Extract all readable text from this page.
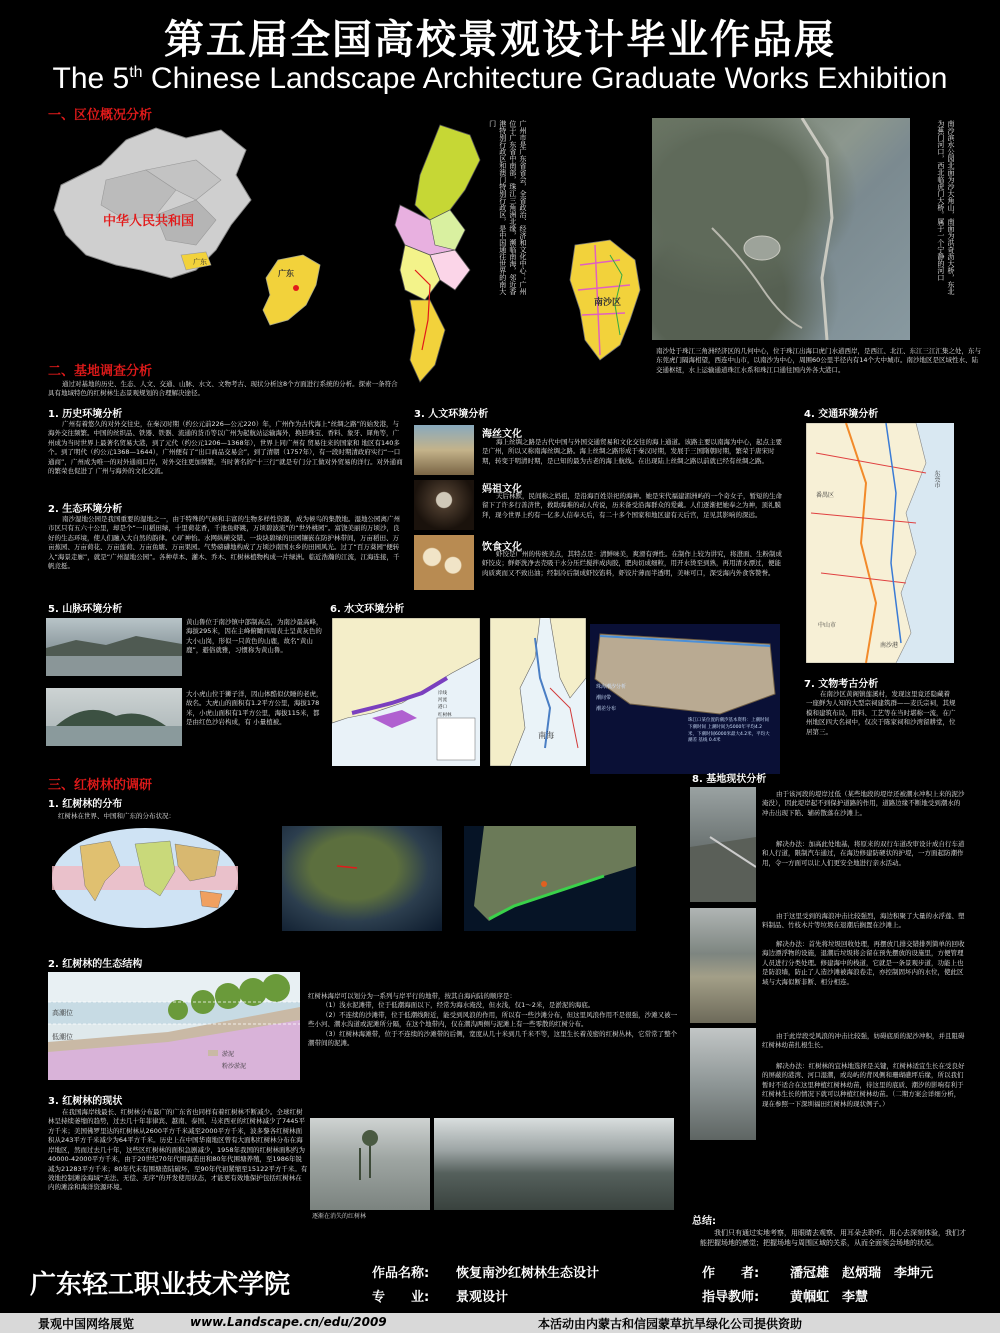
第五届全国高校景观设计毕业作品展
The 5th Chinese Landscape Architecture Graduate Works Exhibition
一、区位概况分析
中华人民共和国
广东
广东	广州市是广东省省会，全省政治、经济和文化中心；广州位于广东省中南部，珠江三角洲北缘，濒临南海，邻近香港特别行政区和澳门特别行政区，是中国通往世界的南大门
南沙区
南沙滨水公园北面为沙大角山，南面为洪奇沥大桥，东北为蕉门河口，西北临虎门大桥。属于一个宁静的河口
南沙处于珠江三角洲经济区的几何中心，位于珠江出海口虎门水道西岸，是西江、北江、东江三江汇集之处，东与东莞虎门隔海相望，西连中山市，以南沙为中心，周围60公里半径内有14个大中城市。南沙地区是区域性水、陆交通枢纽，水上运输通道珠江水系和珠江口通往国内外各大港口。
二、基地调查分析
通过对基地的历史、生态、人文、交通、山脉、水文、文物考古、现状分析这8个方面进行系统的分析。探索一条符合具有地域特色的红树林生态景观规划的合理解决途径。
1. 历史环境分析
广州有着悠久的对外交往史，在秦汉时期（约公元前226—公元220）年，广州作为古代海上“丝绸之路”的始发港，与海外交往频繁。中国的丝织品、铁器、铁器、流通的货币等以广州为起航站运输海外，换回珠宝、香料、象牙、犀角等，广州成为当时世界上最著名贸易大港，到了元代（约公元1206—1368年），世界上同广州有 贸易往来的国家和 地区有140多个。到了明代（约公元1368—1644），广州便有了“出口商品交易会”，到了清朝（1757年），有一段时期清政府实行“一口通商”，广州成为唯一的对外通商口岸，对外交往更加频繁，当时著名的“十三行”就是专门分工做对外贸易的洋行。对外通商的繁荣也促进了 广州与海外的文化交流。
2. 生态环境分析
南沙湿地公园是我国重要的湿地之一，由于特殊的气候和丰富的生物多样性资源，成为候鸟的集散地。湿地公园离广州市区只有五六十公里，却是个“一川稻田绿，十里荷花香，千池鱼虾跳，万顷碧波流”的“世外桃园”。富饶美丽的万顷沙，良好的生态环境，使人们融入大自然的韵律。心旷神怡。水网纵横交错、一块块碧绿的田园镶嵌在防护林带间，万亩稻田、万亩蕉园、万亩荷花、万亩莲荷、万亩鱼塘、万亩果园。气势磅礴地构成了万顷沙南国水乡的田园风光。过了“百万葵园”便转入“海景走廊”，就是“广州湿地公园”。各种草本、灌木、乔木、红树林植物构成一片绿洲。临近浩瀚的江流，江海连接，千帆竞挺。
5. 山脉环境分析
黄山鲁位于南沙镇中部制高点，为南沙最高峰，海拔295米，因在主峰俯瞰四周表土呈黄灰色的大小山岗，形似一只黄色的山鹿，故名“黄山鹿”，避俗就雅，习惯称为黄山鲁。
大小虎山位于狮子洋，因山体酷似伏睡的老虎，故名。大虎山的面积有1.2平方公里，海拔178米，小虎山面积有1平方公里，海拔115米，都是由红色沙岩构成，有 小量植被。
3. 人文环境分析
海丝文化
海上丝绸之路是古代中国与外国交通贸易和文化交往的海上通道。该路主要以南海为中心，起点主要是广州，所以又称南海丝绸之路。海上丝绸之路形成于秦汉时期，发展于三国隋朝时期，繁荣于唐宋时期，转变于明清时期，是已知的最为古老的海上航线。在出现陆上丝绸之路以前就已经有丝绸之路。
妈祖文化
天后林默，民间称之妈祖，是沿海百姓崇祀的海神。她是宋代福建湄洲屿的一个奇女子，暂短的生命留下了许多行善济世，救助海难的动人传说，历来备受沿海群众的爱戴。人们逐渐把她奉之为神，顶礼膜拜，现今世界上约有一亿多人信奉天后，有二十多个国家和地区建有天后宫，足见其影响的深远。
饮食文化
虾饺是广州的传统美点，其特点是：清鲜味美，爽滑有弹性。在制作上较为讲究，将澄面、生粉制成虾饺皮；鲜虾洗净去壳吸干水分压烂搅拌成肉胶，肥肉切成细粒，用开水烫至到熟，再用清水漂过，便能肉质爽而又不致出油；经制冷后制成虾饺馅料，虾饺片薄而半透明，美味可口，深受海内外食客赞誉。
6. 水文环境分析
岸线
河流
港口
红树林
南海
珠海潮汐分析
潮间带
潮差分布
珠江口某位置的潮汐基本资料：上潮时间 下潮时间 上潮时间为5000年平均4.2米，下潮时间6000米最大4.2米，平均大潮差 基线 0.4米
4. 交通环境分析
东莞市
番禺区
中山市
南沙港
7. 文物考古分析
在南沙区黄阁镇莲溪村，发现这里竟还隐藏着一座鲜为人知的大型宗祠建筑群——麦氏宗祠，其规模和建筑布局，用料、工艺等在当时堪称一流，在广州地区四大名祠中，仅次于陈家祠和沙湾留耕堂，位居第三。
8. 基地现状分析
由于该河段的堤岸过低（某些地段的堤岸还被潮水冲积上来的泥沙淹没），因此堤岸起不到保护道路的作用，道路边缘不断地受到潮水的冲击出现下陷、辅砖散落在沙滩上。
解决办法：加高此处地基，将原来的双行车道改审设计成自行车道和人行道，限制汽车通过，在海边修建防硬状的护堤，一方面起防潮作用，令一方面可以让人们更安全地进行亲水活动。
由于这里受到的海浪冲击比较强烈，海边积聚了大量的水浮莲、塑料制品、竹枝木片等垃圾在退潮后搁置在沙滩上。
解决办法：首先将垃圾回收处理，再摆放几排交错排列简单的回收海边漂浮物的设施，退潮后垃圾将会留在预先摆放的设施里，方便管理人员进行分类处理。修建海中的栈道，它就是一条景观步道，功能上也是防浪墙，防止了人造沙滩被海浪卷走，亦控制固坏内的水位，使此区域与大海似断非断、相分相连。
由于此岸段受风浪的冲击比较强，妨碍底质的泥沙冲积，并且阻碍红树林幼苗扎根生长。
解决办法：红树林的宜林地选择是关键，红树林适宜生长在受良好的屏蔽的港湾、河口湿潮，或岛屿的背风侧和珊瑚礁坪后缘，所以我们暂时不适合在这里种植红树林幼苗，待这里的底质、潮汐的影响有利于红树林生长的情况下就可以种植红树林幼苗。（二期方案会详细分析，现在参照一下深圳福田红树林的现状例子。）
总结:
我们只有通过实地考察，用眼睛去观察、用耳朵去聆听、用心去深刻体验，我们才能把握场地的感觉；把握场地与周围区域的关系，从而全面领会场地的状况。
三、红树林的调研
1. 红树林的分布
红树林在世界、中国和广东的分布状况：
2. 红树林的生态结构
高潮位
低潮位
淤泥
粉沙淤泥
红树林海岸可以划分为一系列与岸平行的地带，按其自海向陆的顺序是：
（1）浅水泥滩带，位于低潮海面以下，经常为海水淹没，但水浅，仅1～2米，是淤泥的海底。
（2）不连续的沙滩带，位于低潮线附近，能受到风浪的作用，所以有一些沙滩分布，但这里风浪作用不是很强，沙滩又被一些小河、潮水沟道或泥滩所分隔，在这个地带内，仅在潮沟两侧与泥滩上有一些零散的红树分布。
（3）红树林海滩带，位于不连续的沙滩带的后侧，宽度从几十米到几千米不等，这里生长着茂密的红树丛林，它常常了整个潮带间的泥滩。
3. 红树林的现状
在我国海岸线最长、红树林分布最广的广东省也同样有着红树林不断减少。全球红树林呈持续萎缩的趋势，过去几十年菲律宾、越南、泰国、马来西亚的红树林减少了7445平方千米；美国佛罗里达的红树林从2600平方千米减至2000平方千米，波多黎各红树林面积从243平方千米减少为64平方千米。历史上在中国华南地区曾有大面积红树林分布在海岸地区，然而过去几十年，这些区红树林的面积急剧减少，1958年我国的红树林面积约为40000-42000平方千米，由于20世纪70年代围海造田和80年代围塘养殖，至1986年锐减为21283平方千米；80年代末有围塘造陆破坏，至90年代初紧缩至15122平方千米。有效地控制滩涂海域“无法、无偿、无序”的开发使用状态，才能更有效地保护包括红树林在内的滩涂和海洋资源环境。
逐渐在消失的红树林
广东轻工职业技术学院	作品名称: 恢复南沙红树林生态设计
专　　业: 景观设计
作　　者: 潘冠雄　赵炳瑞　李坤元
指导教师: 黄帼虹　李慧
景观中国网络展览	www.Landscape.cn/edu/2009	本活动由内蒙古和信园蒙草抗旱绿化公司提供资助
